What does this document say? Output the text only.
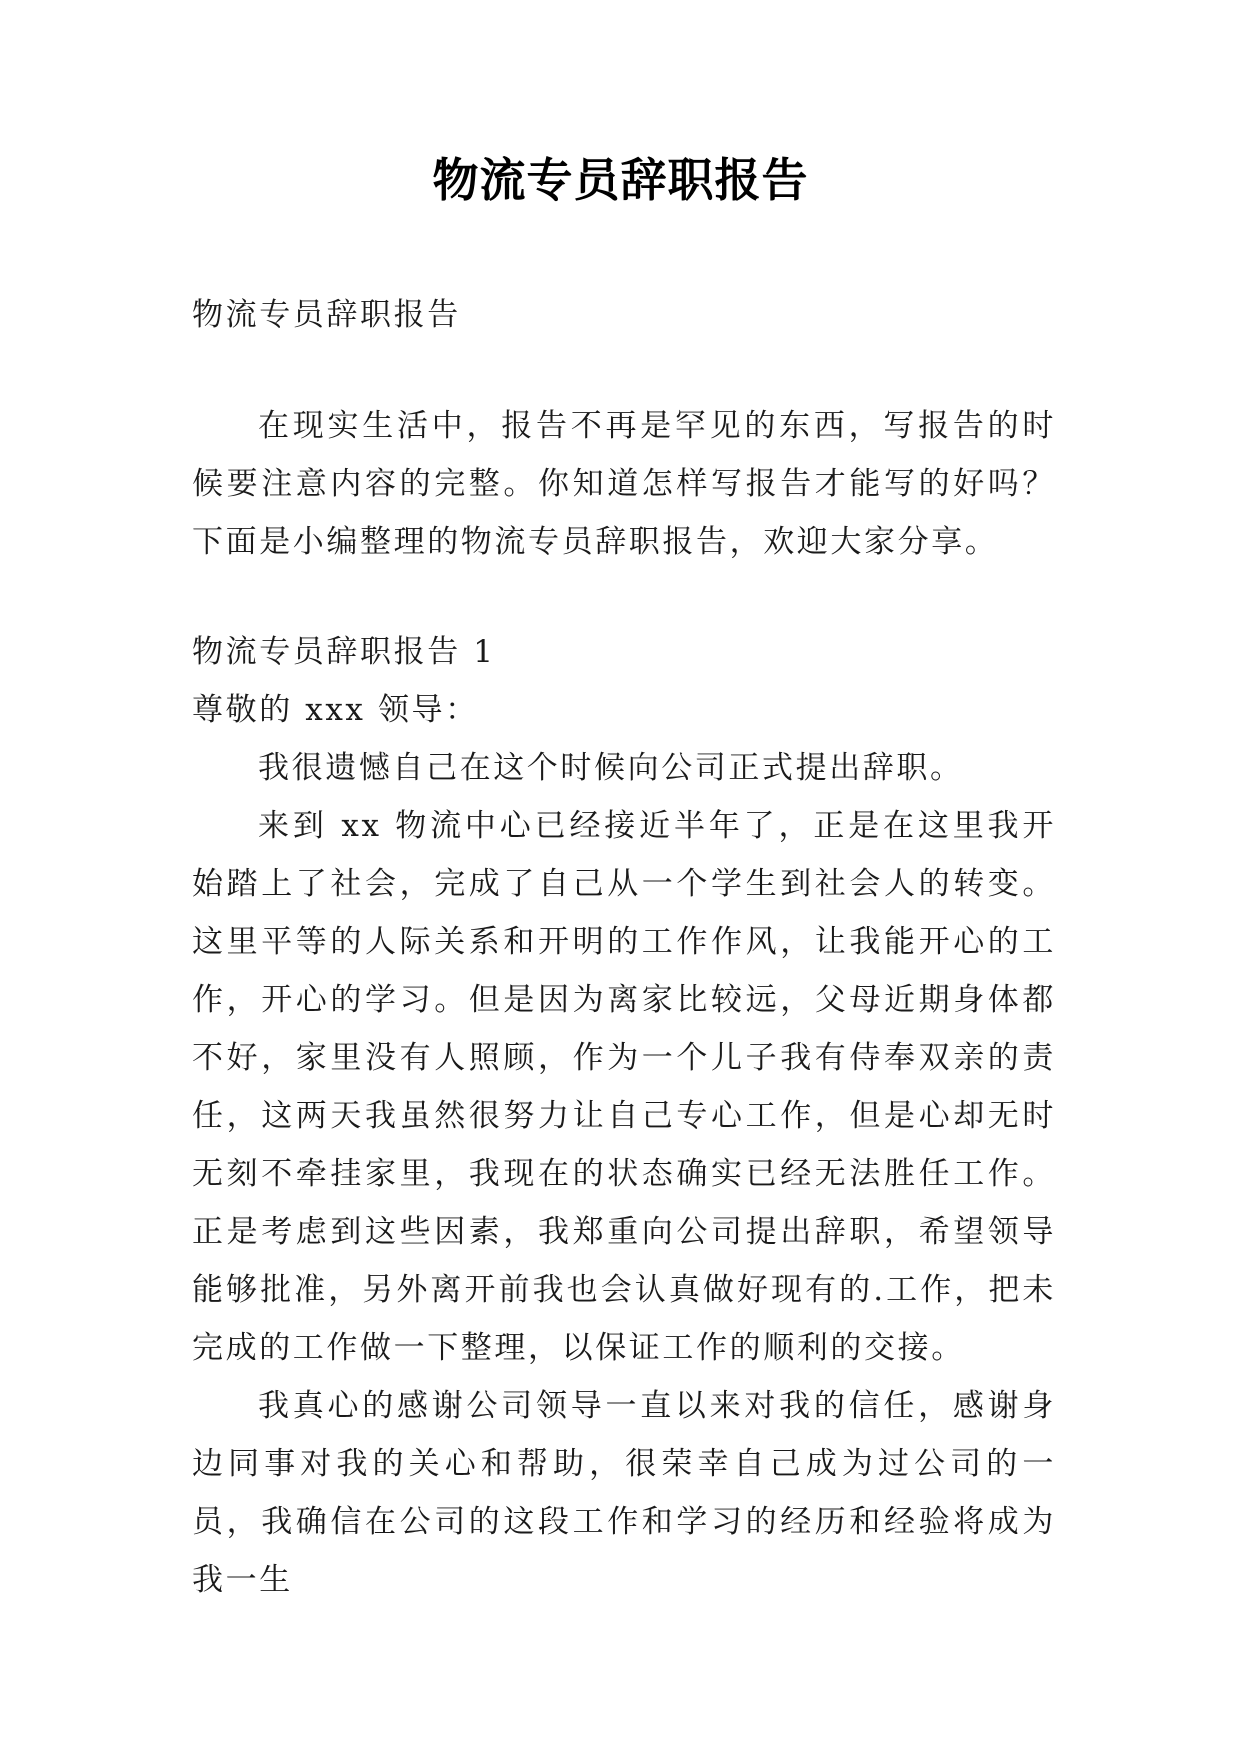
物流专员辞职报告

物流专员辞职报告

在现实生活中，报告不再是罕见的东西，写报告的时候要注意内容的完整。你知道怎样写报告才能写的好吗？下面是小编整理的物流专员辞职报告，欢迎大家分享。

物流专员辞职报告 1

尊敬的 xxx 领导：

我很遗憾自己在这个时候向公司正式提出辞职。

来到 xx 物流中心已经接近半年了，正是在这里我开始踏上了社会，完成了自己从一个学生到社会人的转变。这里平等的人际关系和开明的工作作风，让我能开心的工作，开心的学习。但是因为离家比较远，父母近期身体都不好，家里没有人照顾，作为一个儿子我有侍奉双亲的责任，这两天我虽然很努力让自己专心工作，但是心却无时无刻不牵挂家里，我现在的状态确实已经无法胜任工作。正是考虑到这些因素，我郑重向公司提出辞职，希望领导能够批准，另外离开前我也会认真做好现有的.工作，把未完成的工作做一下整理，以保证工作的顺利的交接。

我真心的感谢公司领导一直以来对我的信任，感谢身边同事对我的关心和帮助，很荣幸自己成为过公司的一员，我确信在公司的这段工作和学习的经历和经验将成为我一生
